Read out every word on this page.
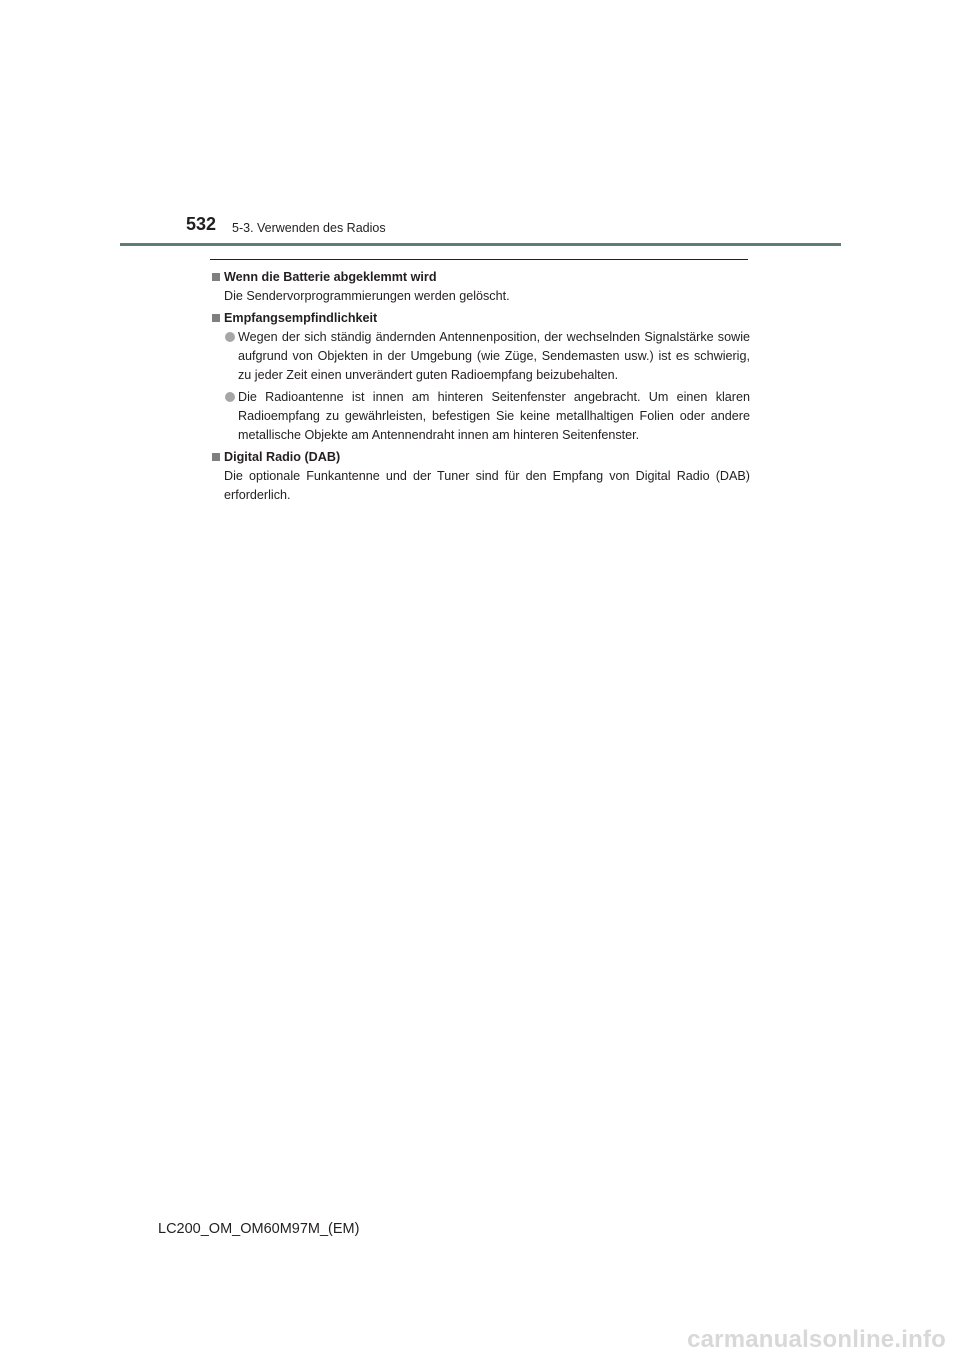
532 5-3. Verwenden des Radios
Wenn die Batterie abgeklemmt wird
Die Sendervorprogrammierungen werden gelöscht.
Empfangsempfindlichkeit
Wegen der sich ständig ändernden Antennenposition, der wechselnden Signalstärke sowie aufgrund von Objekten in der Umgebung (wie Züge, Sendemasten usw.) ist es schwierig, zu jeder Zeit einen unverändert guten Radioempfang beizubehalten.
Die Radioantenne ist innen am hinteren Seitenfenster angebracht. Um einen klaren Radioempfang zu gewährleisten, befestigen Sie keine metallhaltigen Folien oder andere metallische Objekte am Antennendraht innen am hinteren Seitenfenster.
Digital Radio (DAB)
Die optionale Funkantenne und der Tuner sind für den Empfang von Digital Radio (DAB) erforderlich.
LC200_OM_OM60M97M_(EM)
carmanualsonline.info
